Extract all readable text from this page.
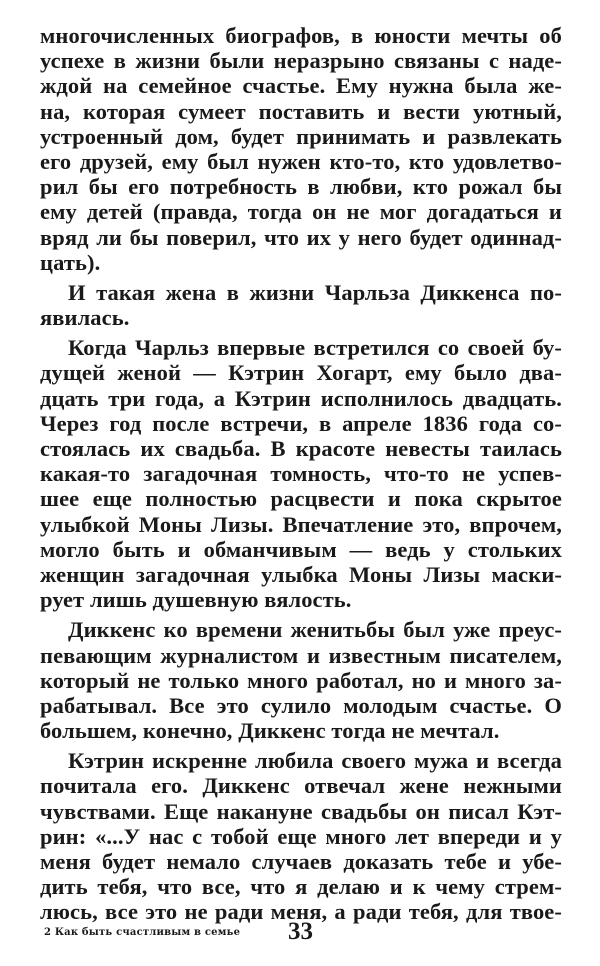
многочисленных биографов, в юности мечты об
успехе в жизни были неразрыно связаны с наде-
ждой на семейное счастье. Ему нужна была же-
на, которая сумеет поставить и вести уютный,
устроенный дом, будет принимать и развлекать
его друзей, ему был нужен кто-то, кто удовлетво-
рил бы его потребность в любви, кто рожал бы
ему детей (правда, тогда он не мог догадаться и
вряд ли бы поверил, что их у него будет одиннад-
цать).
И такая жена в жизни Чарльза Диккенса по-
явилась.
Когда Чарльз впервые встретился со своей бу-
дущей женой — Кэтрин Хогарт, ему было два-
дцать три года, а Кэтрин исполнилось двадцать.
Через год после встречи, в апреле 1836 года со-
стоялась их свадьба. В красоте невесты таилась
какая-то загадочная томность, что-то не успев-
шее еще полностью расцвести и пока скрытое
улыбкой Моны Лизы. Впечатление это, впрочем,
могло быть и обманчивым — ведь у стольких
женщин загадочная улыбка Моны Лизы маски-
рует лишь душевную вялость.
Диккенс ко времени женитьбы был уже преус-
певающим журналистом и известным писателем,
который не только много работал, но и много за-
рабатывал. Все это сулило молодым счастье. О
большем, конечно, Диккенс тогда не мечтал.
Кэтрин искренне любила своего мужа и всегда
почитала его. Диккенс отвечал жене нежными
чувствами. Еще накануне свадьбы он писал Кэт-
рин: «...У нас с тобой еще много лет впереди и у
меня будет немало случаев доказать тебе и убе-
дить тебя, что все, что я делаю и к чему стрем-
люсь, все это не ради меня, а ради тебя, для твое-
2 Как быть счастливым в семье 33
